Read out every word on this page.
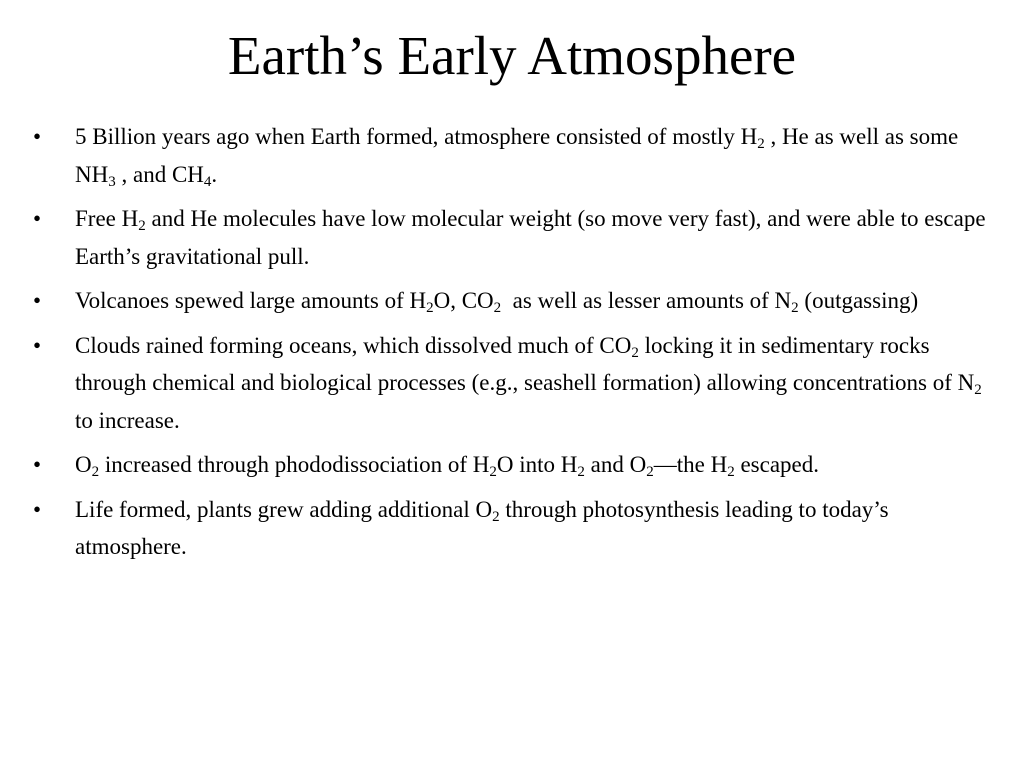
Earth’s Early Atmosphere
•	5 Billion years ago when Earth formed, atmosphere consisted of mostly $H_2$ , He as well as some $NH_3$ , and $CH_4$.
•	Free $H_2$ and He molecules have low molecular weight (so move very fast), and were able to escape Earth’s gravitational pull.
•	Volcanoes spewed large amounts of $H_2O$, $CO_2$  as well as lesser amounts of $N_2$ (outgassing)
•	Clouds rained forming oceans, which dissolved much of $CO_2$ locking it in sedimentary rocks through chemical and biological processes (e.g., seashell formation) allowing concentrations of $N_2$ to increase.
•	$O_2$ increased through phododissociation of $H_2O$ into $H_2$ and $O_2—the$ $H_2$ escaped.
•	Life formed, plants grew adding additional $O_2$ through photosynthesis leading to today’s atmosphere.
